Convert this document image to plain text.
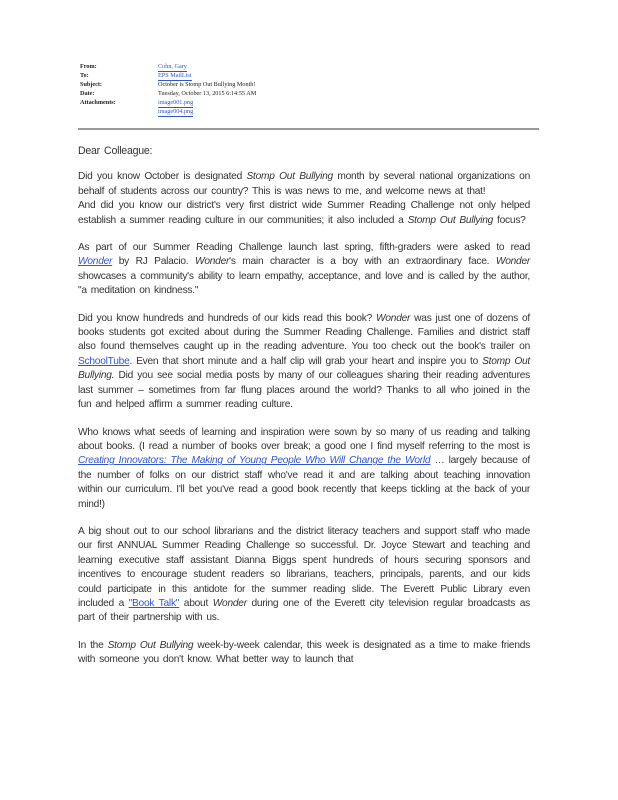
From:	Cohn, Gary
To:	EPS MailList
Subject:	October is Stomp Out Bullying Month!
Date:	Tuesday, October 13, 2015 6:14:55 AM
Attachments:	image001.png
image004.png

Dear Colleague:

Did you know October is designated Stomp Out Bullying month by several national organizations on behalf of students across our country? This is was news to me, and welcome news at that!
And did you know our district's very first district wide Summer Reading Challenge not only helped establish a summer reading culture in our communities; it also included a Stomp Out Bullying focus?

As part of our Summer Reading Challenge launch last spring, fifth-graders were asked to read Wonder by RJ Palacio. Wonder's main character is a boy with an extraordinary face. Wonder showcases a community's ability to learn empathy, acceptance, and love and is called by the author, "a meditation on kindness."

Did you know hundreds and hundreds of our kids read this book? Wonder was just one of dozens of books students got excited about during the Summer Reading Challenge. Families and district staff also found themselves caught up in the reading adventure. You too check out the book's trailer on SchoolTube. Even that short minute and a half clip will grab your heart and inspire you to Stomp Out Bullying. Did you see social media posts by many of our colleagues sharing their reading adventures last summer – sometimes from far flung places around the world? Thanks to all who joined in the fun and helped affirm a summer reading culture.

Who knows what seeds of learning and inspiration were sown by so many of us reading and talking about books. (I read a number of books over break; a good one I find myself referring to the most is Creating Innovators: The Making of Young People Who Will Change the World … largely because of the number of folks on our district staff who've read it and are talking about teaching innovation within our curriculum. I'll bet you've read a good book recently that keeps tickling at the back of your mind!)

A big shout out to our school librarians and the district literacy teachers and support staff who made our first ANNUAL Summer Reading Challenge so successful. Dr. Joyce Stewart and teaching and learning executive staff assistant Dianna Biggs spent hundreds of hours securing sponsors and incentives to encourage student readers so librarians, teachers, principals, parents, and our kids could participate in this antidote for the summer reading slide. The Everett Public Library even included a "Book Talk" about Wonder during one of the Everett city television regular broadcasts as part of their partnership with us.

In the Stomp Out Bullying week-by-week calendar, this week is designated as a time to make friends with someone you don't know. What better way to launch that
